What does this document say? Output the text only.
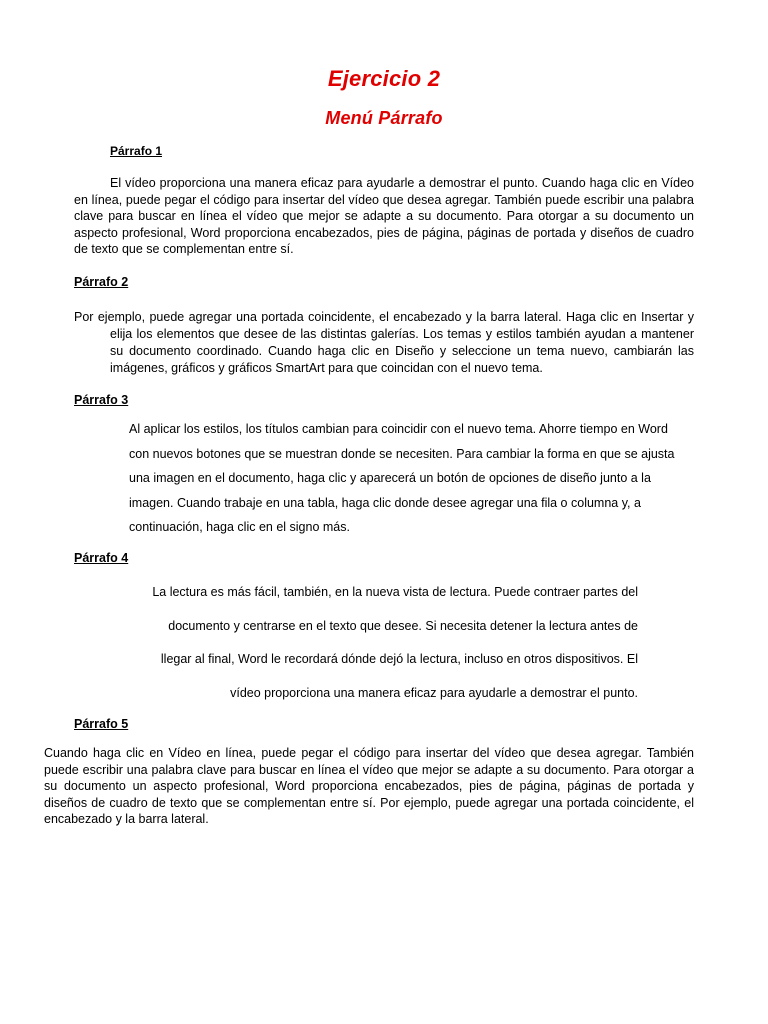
Ejercicio 2
Menú Párrafo

Párrafo 1

El vídeo proporciona una manera eficaz para ayudarle a demostrar el punto. Cuando haga clic en Vídeo en línea, puede pegar el código para insertar del vídeo que desea agregar. También puede escribir una palabra clave para buscar en línea el vídeo que mejor se adapte a su documento. Para otorgar a su documento un aspecto profesional, Word proporciona encabezados, pies de página, páginas de portada y diseños de cuadro de texto que se complementan entre sí.

Párrafo 2

Por ejemplo, puede agregar una portada coincidente, el encabezado y la barra lateral. Haga clic en Insertar y elija los elementos que desee de las distintas galerías. Los temas y estilos también ayudan a mantener su documento coordinado. Cuando haga clic en Diseño y seleccione un tema nuevo, cambiarán las imágenes, gráficos y gráficos SmartArt para que coincidan con el nuevo tema.

Párrafo 3

Al aplicar los estilos, los títulos cambian para coincidir con el nuevo tema. Ahorre tiempo en Word con nuevos botones que se muestran donde se necesiten. Para cambiar la forma en que se ajusta una imagen en el documento, haga clic y aparecerá un botón de opciones de diseño junto a la imagen. Cuando trabaje en una tabla, haga clic donde desee agregar una fila o columna y, a continuación, haga clic en el signo más.

Párrafo 4

La lectura es más fácil, también, en la nueva vista de lectura. Puede contraer partes del documento y centrarse en el texto que desee. Si necesita detener la lectura antes de llegar al final, Word le recordará dónde dejó la lectura, incluso en otros dispositivos. El vídeo proporciona una manera eficaz para ayudarle a demostrar el punto.

Párrafo 5

Cuando haga clic en Vídeo en línea, puede pegar el código para insertar del vídeo que desea agregar. También puede escribir una palabra clave para buscar en línea el vídeo que mejor se adapte a su documento. Para otorgar a su documento un aspecto profesional, Word proporciona encabezados, pies de página, páginas de portada y diseños de cuadro de texto que se complementan entre sí. Por ejemplo, puede agregar una portada coincidente, el encabezado y la barra lateral.
